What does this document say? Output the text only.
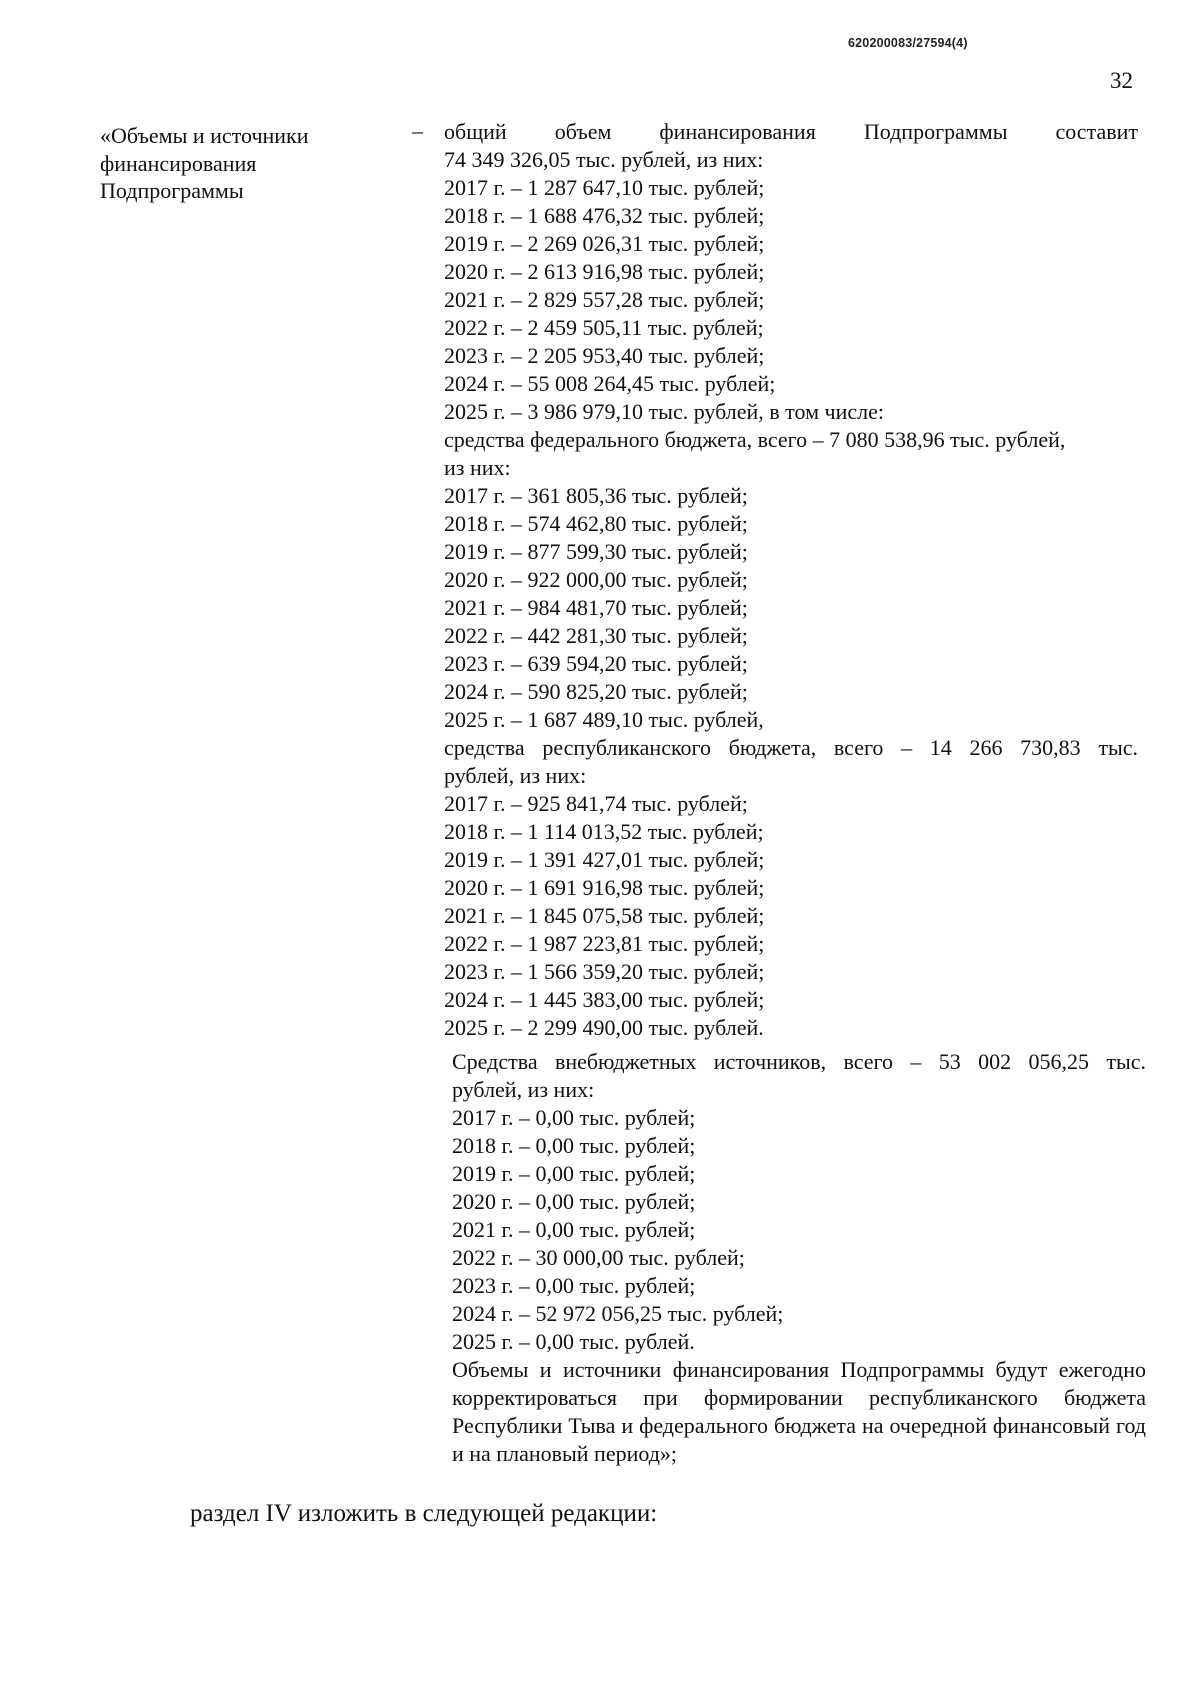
620200083/27594(4)
32
«Объемы и источники финансирования Подпрограммы
– общий объем финансирования Подпрограммы составит
74 349 326,05 тыс. рублей, из них:
2017 г. – 1 287 647,10 тыс. рублей;
2018 г. – 1 688 476,32 тыс. рублей;
2019 г. – 2 269 026,31 тыс. рублей;
2020 г. – 2 613 916,98 тыс. рублей;
2021 г. – 2 829 557,28 тыс. рублей;
2022 г. – 2 459 505,11 тыс. рублей;
2023 г. – 2 205 953,40 тыс. рублей;
2024 г. – 55 008 264,45 тыс. рублей;
2025 г. – 3 986 979,10 тыс. рублей, в том числе:
средства федерального бюджета, всего – 7 080 538,96 тыс. рублей,
из них:
2017 г. – 361 805,36 тыс. рублей;
2018 г. – 574 462,80 тыс. рублей;
2019 г. – 877 599,30 тыс. рублей;
2020 г. – 922 000,00 тыс. рублей;
2021 г. – 984 481,70 тыс. рублей;
2022 г. – 442 281,30 тыс. рублей;
2023 г. – 639 594,20 тыс. рублей;
2024 г. – 590 825,20 тыс. рублей;
2025 г. – 1 687 489,10 тыс. рублей,
средства республиканского бюджета, всего – 14 266 730,83 тыс.
рублей, из них:
2017 г. – 925 841,74 тыс. рублей;
2018 г. – 1 114 013,52 тыс. рублей;
2019 г. – 1 391 427,01 тыс. рублей;
2020 г. – 1 691 916,98 тыс. рублей;
2021 г. – 1 845 075,58 тыс. рублей;
2022 г. – 1 987 223,81 тыс. рублей;
2023 г. – 1 566 359,20 тыс. рублей;
2024 г. – 1 445 383,00 тыс. рублей;
2025 г. – 2 299 490,00 тыс. рублей.
Средства внебюджетных источников, всего – 53 002 056,25 тыс.
рублей, из них:
2017 г. – 0,00 тыс. рублей;
2018 г. – 0,00 тыс. рублей;
2019 г. – 0,00 тыс. рублей;
2020 г. – 0,00 тыс. рублей;
2021 г. – 0,00 тыс. рублей;
2022 г. – 30 000,00 тыс. рублей;
2023 г. – 0,00 тыс. рублей;
2024 г. – 52 972 056,25 тыс. рублей;
2025 г. – 0,00 тыс. рублей.
Объемы и источники финансирования Подпрограммы будут ежегодно корректироваться при формировании республиканского бюджета Республики Тыва и федерального бюджета на очередной финансовый год и на плановый период»;
раздел IV изложить в следующей редакции:
